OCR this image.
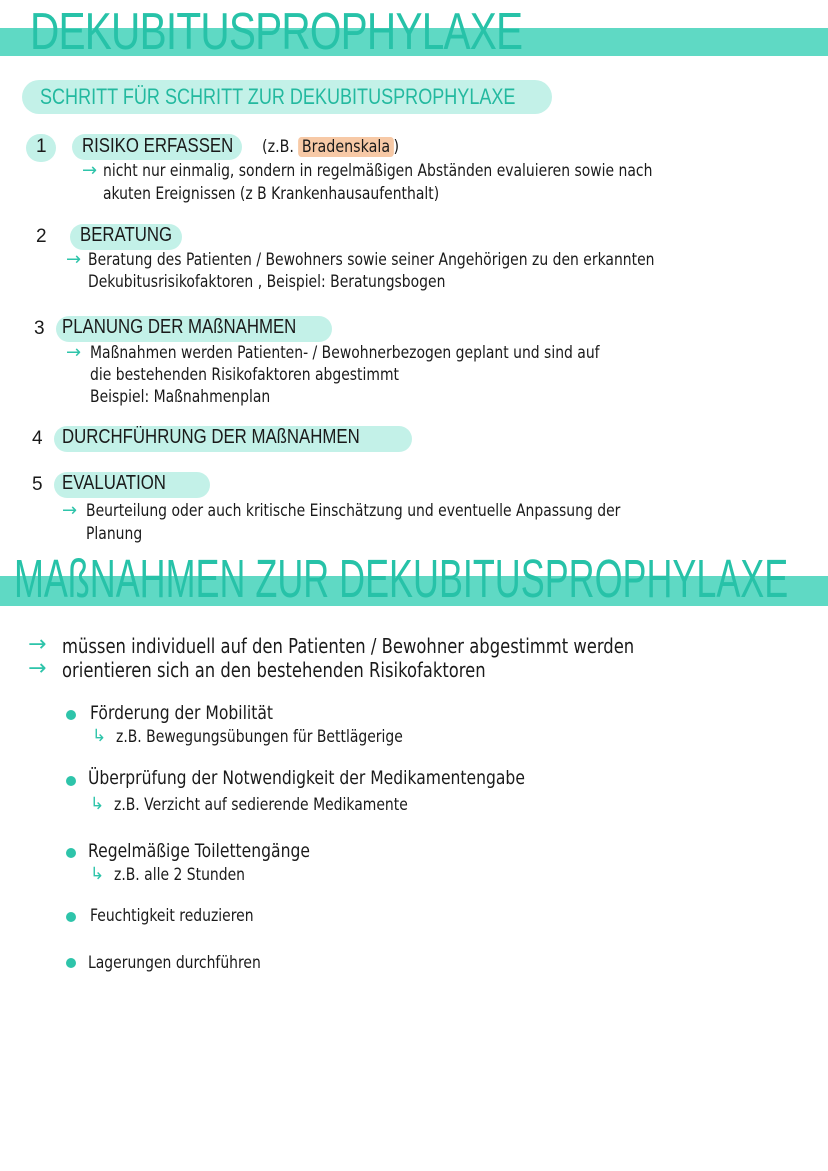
DEKUBITUSPROPHYLAXE
SCHRITT FÜR SCHRITT ZUR DEKUBITUSPROPHYLAXE
1 RISIKO ERFASSEN (z.B. Bradenskala )
→ nicht nur einmalig, sondern in regelmäßigen Abständen evaluieren sowie nach
akuten Ereignissen (z B Krankenhausaufenthalt)
2 BERATUNG
→ Beratung des Patienten / Bewohners sowie seiner Angehörigen zu den erkannten
Dekubitusrisikofaktoren , Beispiel: Beratungsbogen
3 PLANUNG DER MAßNAHMEN
→ Maßnahmen werden Patienten- / Bewohnerbezogen geplant und sind auf
die bestehenden Risikofaktoren abgestimmt
Beispiel: Maßnahmenplan
4 DURCHFÜHRUNG DER MAßNAHMEN
5 EVALUATION
→ Beurteilung oder auch kritische Einschätzung und eventuelle Anpassung der
Planung
MAßNAHMEN ZUR DEKUBITUSPROPHYLAXE
→ müssen individuell auf den Patienten / Bewohner abgestimmt werden
→ orientieren sich an den bestehenden Risikofaktoren
Förderung der Mobilität
↳ z.B. Bewegungsübungen für Bettlägerige
Überprüfung der Notwendigkeit der Medikamentengabe
↳ z.B. Verzicht auf sedierende Medikamente
Regelmäßige Toilettengänge
↳ z.B. alle 2 Stunden
Feuchtigkeit reduzieren
Lagerungen durchführen
